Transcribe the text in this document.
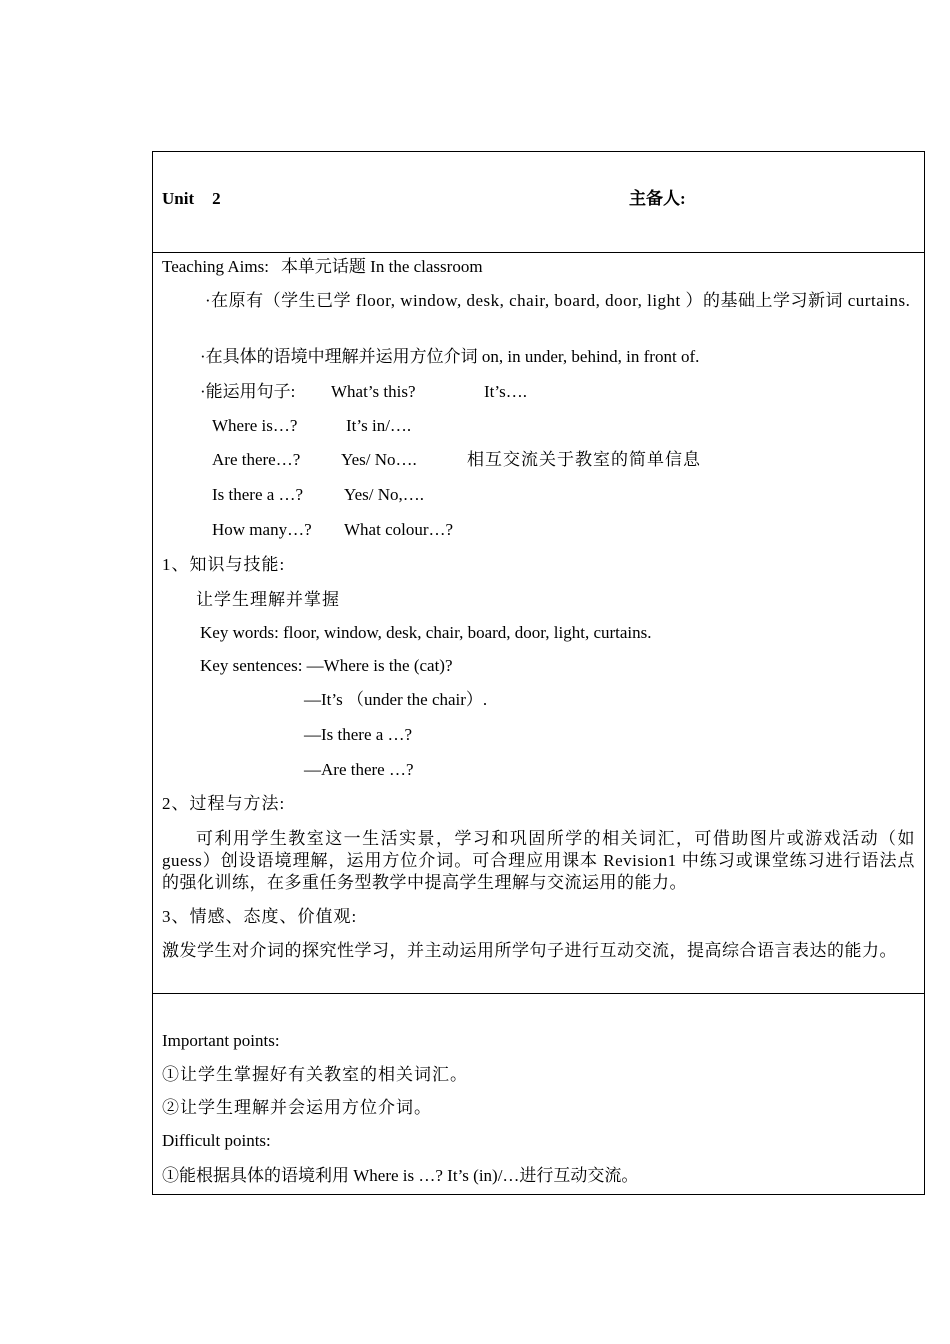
Unit 2	主备人:
Teaching Aims: 本单元话题 In the classroom
·在原有（学生已学 floor, window, desk, chair, board, door, light ）的基础上学习新词 curtains.
·在具体的语境中理解并运用方位介词 on, in under, behind, in front of.
·能运用句子: What’s this?	It’s….
Where is…?	It’s in/….
Are there…? Yes/ No….	相互交流关于教室的简单信息
Is there a …? Yes/ No,….
How many…? What colour…?
1、知识与技能:
让学生理解并掌握
Key words: floor, window, desk, chair, board, door, light, curtains.
Key sentences: —Where is the (cat)?
—It’s （under the chair）.
—Is there a …?
—Are there …?
2、过程与方法:
可利用学生教室这一生活实景，学习和巩固所学的相关词汇，可借助图片或游戏活动（如 guess）创设语境理解，运用方位介词。可合理应用课本 Revision1 中练习或课堂练习进行语法点的强化训练，在多重任务型教学中提高学生理解与交流运用的能力。
3、情感、态度、价值观:
激发学生对介词的探究性学习，并主动运用所学句子进行互动交流，提高综合语言表达的能力。
Important points:
①让学生掌握好有关教室的相关词汇。
②让学生理解并会运用方位介词。
Difficult points:
①能根据具体的语境利用 Where is …? It’s (in)/…进行互动交流。
